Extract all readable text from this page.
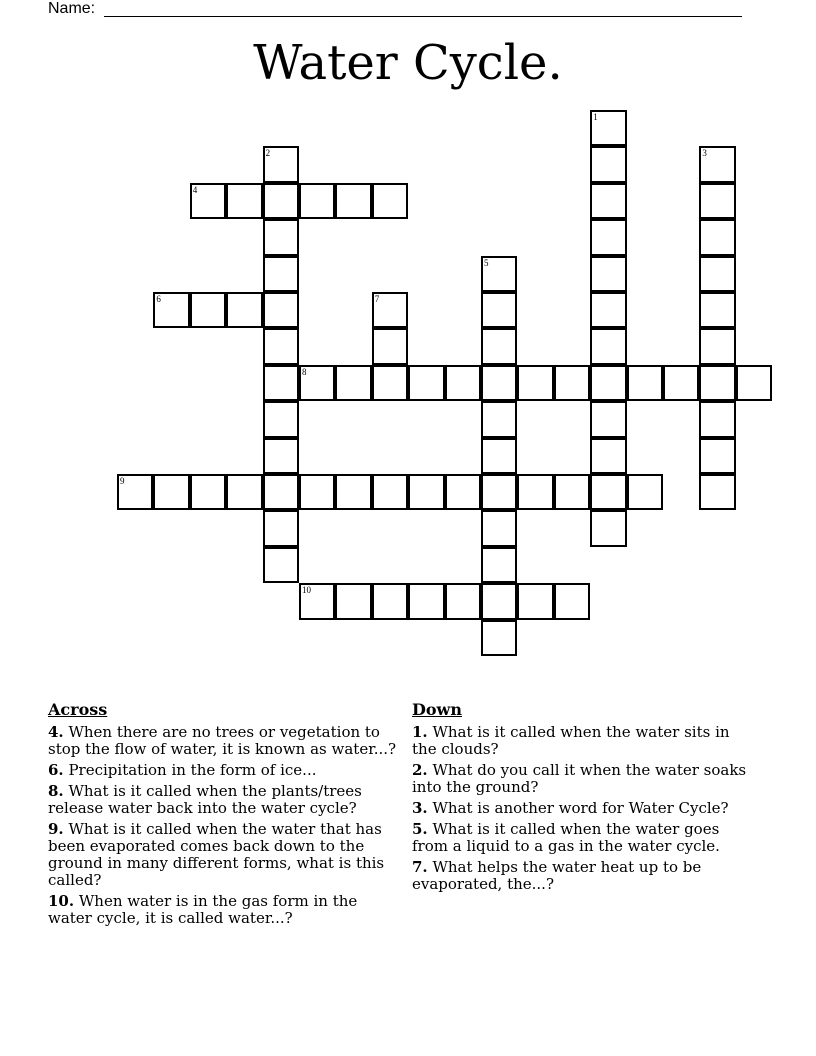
Name:
Water Cycle.
1
2	3
4
5
6	7
8
9
10
Across
4. When there are no trees or vegetation to stop the flow of water, it is known as water...?
6. Precipitation in the form of ice...
8. What is it called when the plants/trees release water back into the water cycle?
9. What is it called when the water that has been evaporated comes back down to the ground in many different forms, what is this called?
10. When water is in the gas form in the water cycle, it is called water...?
Down
1. What is it called when the water sits in the clouds?
2. What do you call it when the water soaks into the ground?
3. What is another word for Water Cycle?
5. What is it called when the water goes from a liquid to a gas in the water cycle.
7. What helps the water heat up to be evaporated, the...?
